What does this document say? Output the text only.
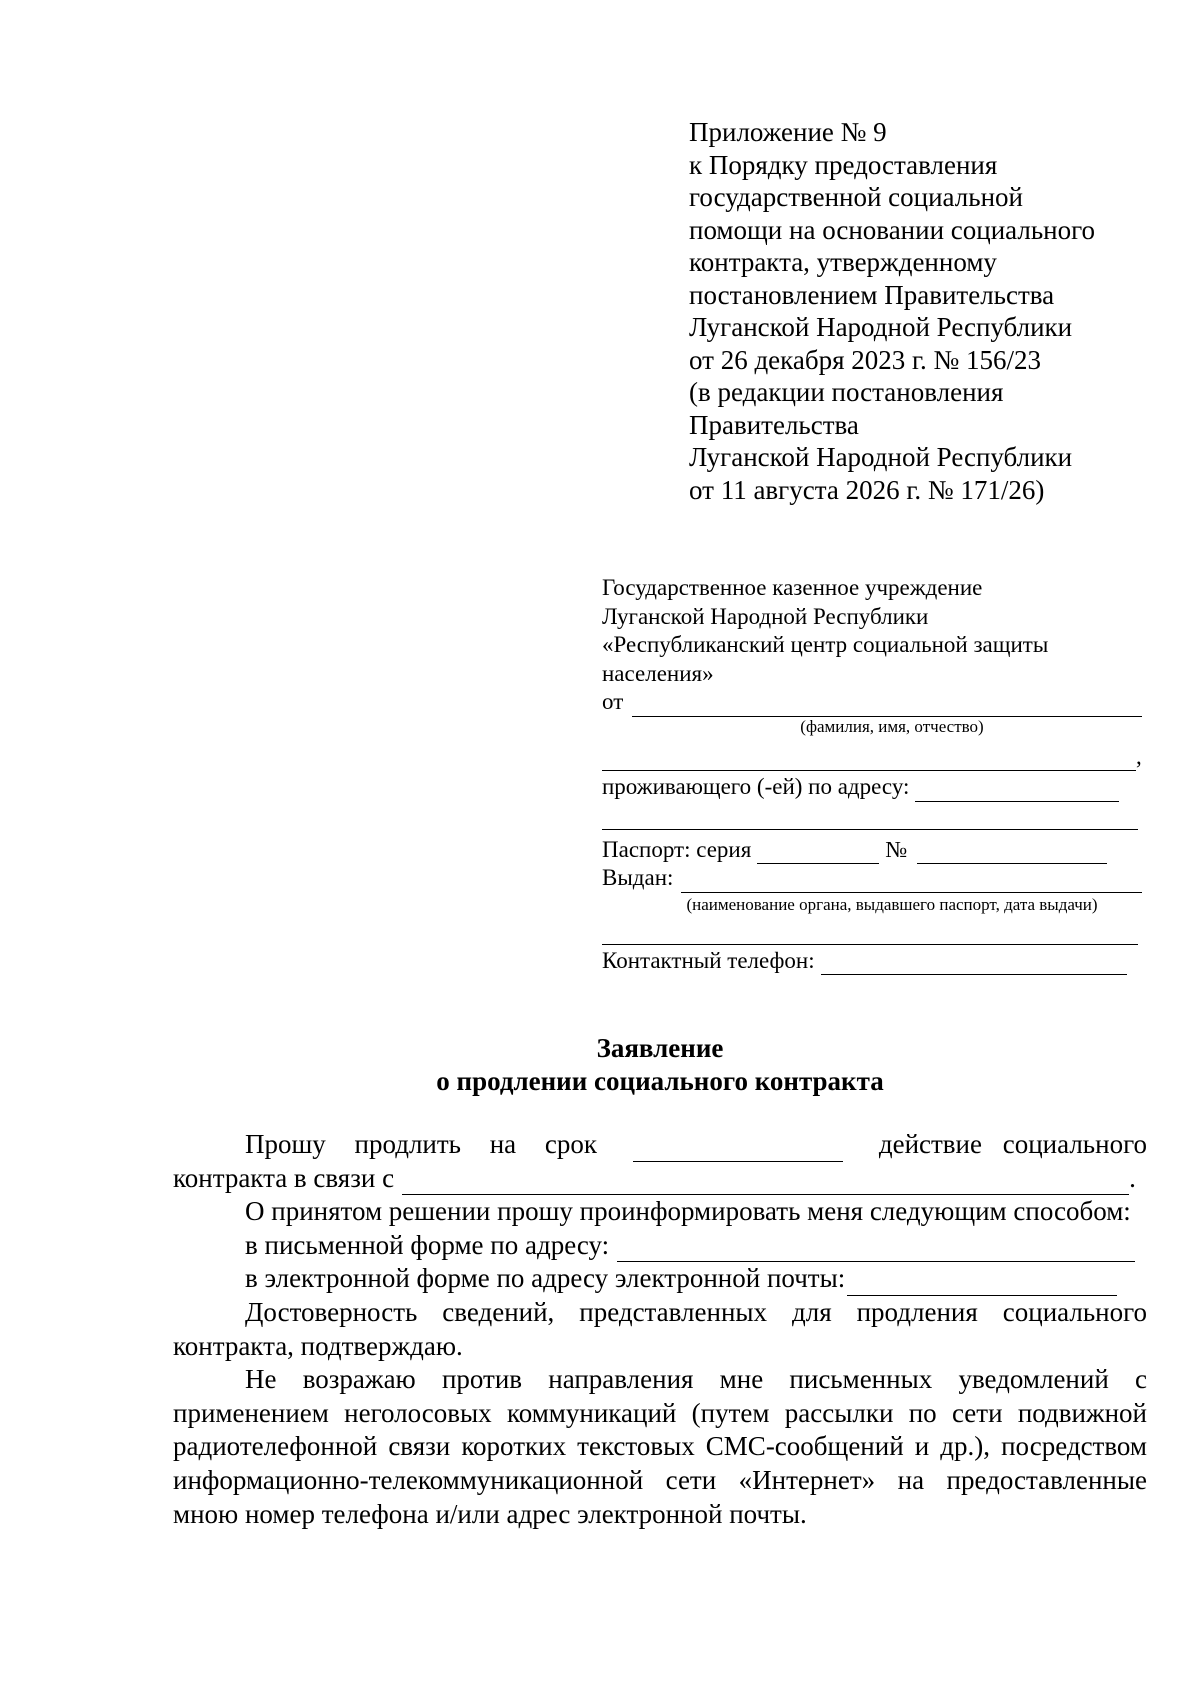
Приложение № 9
к Порядку предоставления
государственной социальной
помощи на основании социального
контракта, утвержденному
постановлением Правительства
Луганской Народной Республики
от 26 декабря 2023 г. № 156/23
(в редакции постановления
Правительства
Луганской Народной Республики
от 11 августа 2026 г. № 171/26)
Государственное казенное учреждение
Луганской Народной Республики
«Республиканский центр социальной защиты
населения»
от
(фамилия, имя, отчество)
,
проживающего (-ей) по адресу:
Паспорт: серия	№
Выдан:
(наименование органа, выдавшего паспорт, дата выдачи)
Контактный телефон:
Заявление
о продлении социального контракта
Прошу продлить на срок	действие социального
контракта в связи с	.

О принятом решении прошу проинформировать меня следующим способом:

в письменной форме по адресу:
в электронной форме по адресу электронной почты:

Достоверность сведений, представленных для продления социального контракта, подтверждаю.

Не возражаю против направления мне письменных уведомлений с применением неголосовых коммуникаций (путем рассылки по сети подвижной радиотелефонной связи коротких текстовых СМС-сообщений и др.), посредством информационно-телекоммуникационной сети «Интернет» на предоставленные мною номер телефона и/или адрес электронной почты.
